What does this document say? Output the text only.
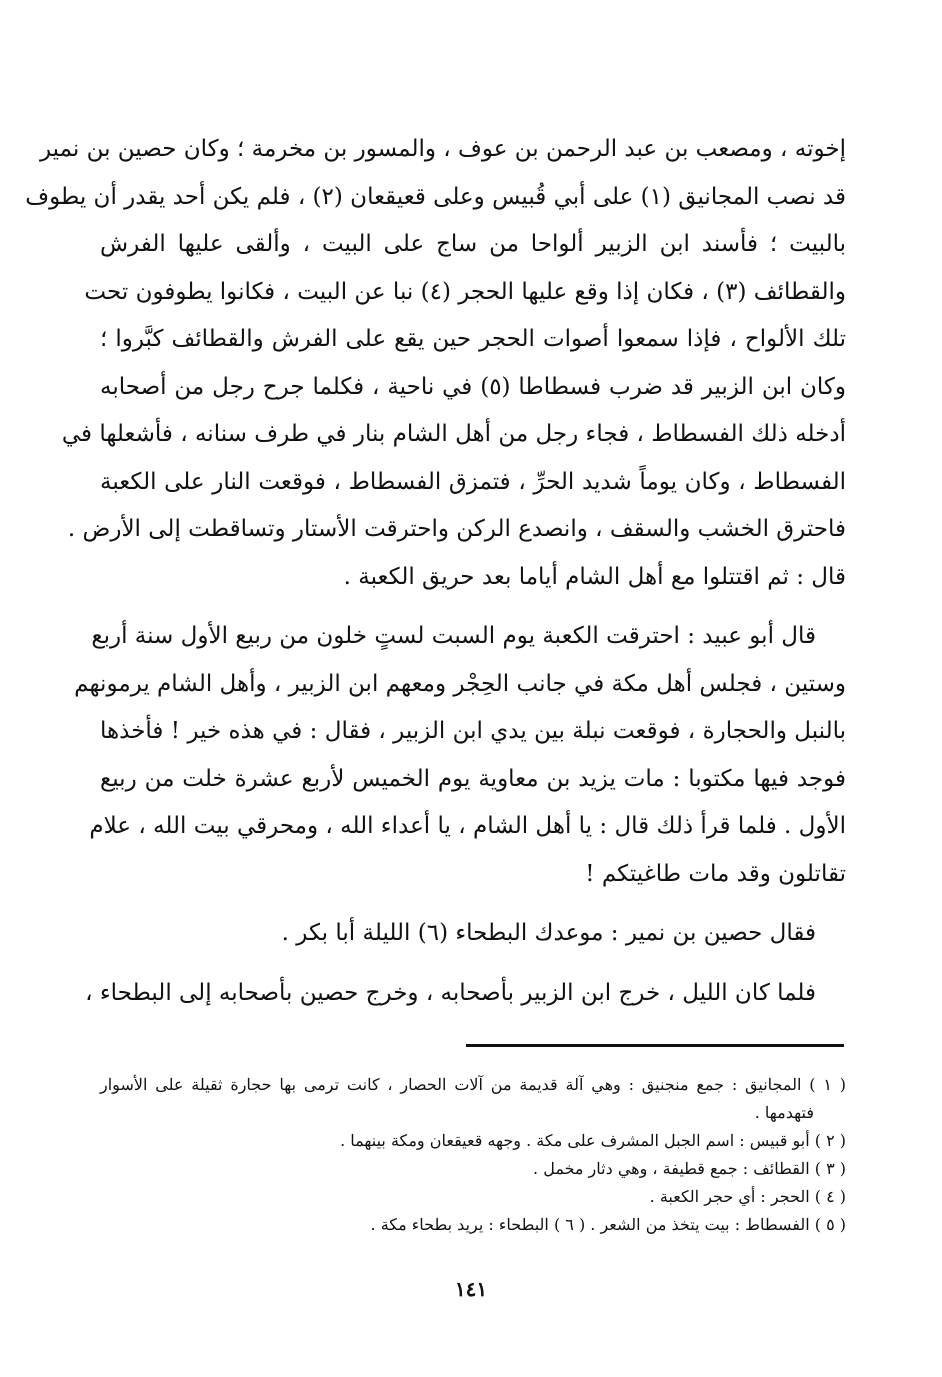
إخوته ، ومصعب بن عبد الرحمن بن عوف ، والمسور بن مخرمة ؛ وكان حصين بن نمير
قد نصب المجانيق (١) على أبي قُبيس وعلى قعيقعان (٢) ، فلم يكن أحد يقدر أن يطوف
بالبيت ؛ فأسند ابن الزبير ألواحا من ساج على البيت ، وألقى عليها الفرش
والقطائف (٣) ، فكان إذا وقع عليها الحجر (٤) نبا عن البيت ، فكانوا يطوفون تحت
تلك الألواح ، فإذا سمعوا أصوات الحجر حين يقع على الفرش والقطائف كبَّروا ؛
وكان ابن الزبير قد ضرب فسطاطا (٥) في ناحية ، فكلما جرح رجل من أصحابه
أدخله ذلك الفسطاط ، فجاء رجل من أهل الشام بنار في طرف سنانه ، فأشعلها في
الفسطاط ، وكان يوماً شديد الحرِّ ، فتمزق الفسطاط ، فوقعت النار على الكعبة
فاحترق الخشب والسقف ، وانصدع الركن واحترقت الأستار وتساقطت إلى الأرض .
قال : ثم اقتتلوا مع أهل الشام أياما بعد حريق الكعبة .
قال أبو عبيد : احترقت الكعبة يوم السبت لستٍ خلون من ربيع الأول سنة أربع
وستين ، فجلس أهل مكة في جانب الحِجْر ومعهم ابن الزبير ، وأهل الشام يرمونهم
بالنبل والحجارة ، فوقعت نبلة بين يدي ابن الزبير ، فقال : في هذه خير ! فأخذها
فوجد فيها مكتوبا : مات يزيد بن معاوية يوم الخميس لأربع عشرة خلت من ربيع
الأول . فلما قرأ ذلك قال : يا أهل الشام ، يا أعداء الله ، ومحرقي بيت الله ، علام
تقاتلون وقد مات طاغيتكم !
فقال حصين بن نمير : موعدك البطحاء (٦) الليلة أبا بكر .
فلما كان الليل ، خرج ابن الزبير بأصحابه ، وخرج حصين بأصحابه إلى البطحاء ،
( ١ ) المجانيق : جمع منجنيق : وهي آلة قديمة من آلات الحصار ، كانت ترمى بها حجارة ثقيلة على الأسوار
فتهدمها .
( ٢ ) أبو قبيس : اسم الجبل المشرف على مكة . وجهه قعيقعان ومكة بينهما .
( ٣ ) القطائف : جمع قطيفة ، وهي دثار مخمل .
( ٤ ) الحجر : أي حجر الكعبة .
( ٥ ) الفسطاط : بيت يتخذ من الشعر . ( ٦ ) البطحاء : يريد بطحاء مكة .
١٤١
